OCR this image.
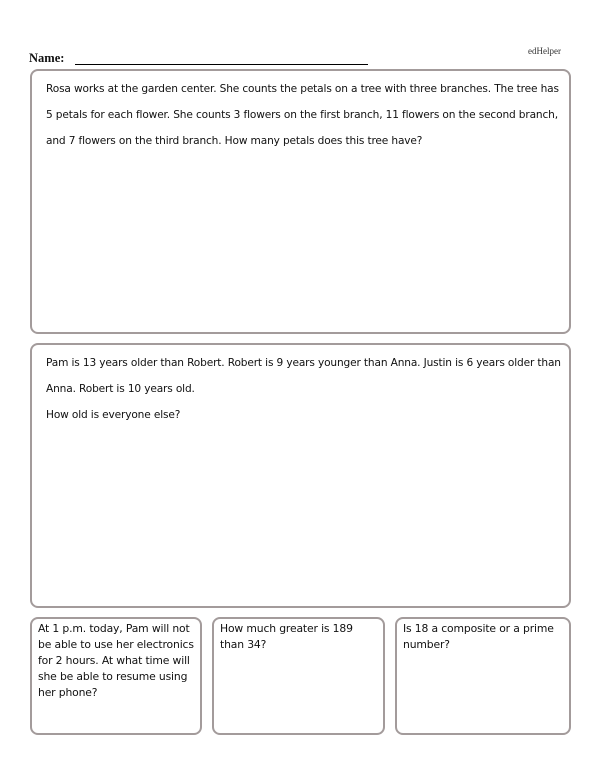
edHelper
Name:
Rosa works at the garden center. She counts the petals on a tree with three branches. The tree has 5 petals for each flower. She counts 3 flowers on the first branch, 11 flowers on the second branch, and 7 flowers on the third branch. How many petals does this tree have?
Pam is 13 years older than Robert. Robert is 9 years younger than Anna. Justin is 6 years older than Anna. Robert is 10 years old.
How old is everyone else?
At 1 p.m. today, Pam will not be able to use her electronics for 2 hours. At what time will she be able to resume using her phone?
How much greater is 189 than 34?
Is 18 a composite or a prime number?
